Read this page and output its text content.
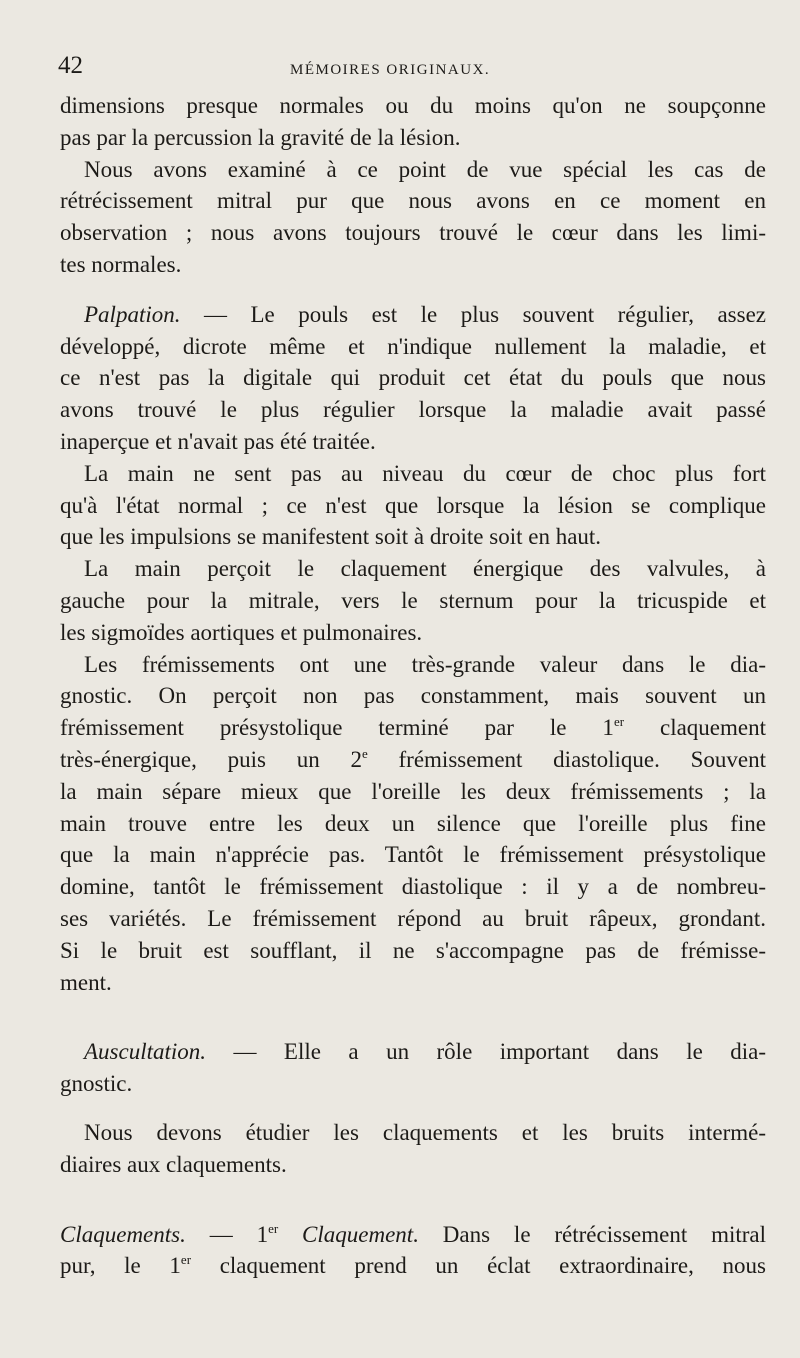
42	MÉMOIRES ORIGINAUX.
dimensions presque normales ou du moins qu'on ne soupçonne
pas par la percussion la gravité de la lésion.
Nous avons examiné à ce point de vue spécial les cas de
rétrécissement mitral pur que nous avons en ce moment en
observation ; nous avons toujours trouvé le cœur dans les limi-
tes normales.
Palpation. — Le pouls est le plus souvent régulier, assez
développé, dicrote même et n'indique nullement la maladie, et
ce n'est pas la digitale qui produit cet état du pouls que nous
avons trouvé le plus régulier lorsque la maladie avait passé
inaperçue et n'avait pas été traitée.
La main ne sent pas au niveau du cœur de choc plus fort
qu'à l'état normal ; ce n'est que lorsque la lésion se complique
que les impulsions se manifestent soit à droite soit en haut.
La main perçoit le claquement énergique des valvules, à
gauche pour la mitrale, vers le sternum pour la tricuspide et
les sigmoïdes aortiques et pulmonaires.
Les frémissements ont une très-grande valeur dans le dia-
gnostic. On perçoit non pas constamment, mais souvent un
frémissement présystolique terminé par le 1er claquement
très-énergique, puis un 2e frémissement diastolique. Souvent
la main sépare mieux que l'oreille les deux frémissements ; la
main trouve entre les deux un silence que l'oreille plus fine
que la main n'apprécie pas. Tantôt le frémissement présystolique
domine, tantôt le frémissement diastolique : il y a de nombreu-
ses variétés. Le frémissement répond au bruit râpeux, grondant.
Si le bruit est soufflant, il ne s'accompagne pas de frémisse-
ment.
Auscultation. — Elle a un rôle important dans le dia-
gnostic.
Nous devons étudier les claquements et les bruits intermé-
diaires aux claquements.
Claquements. — 1er Claquement. Dans le rétrécissement mitral
pur, le 1er claquement prend un éclat extraordinaire, nous
